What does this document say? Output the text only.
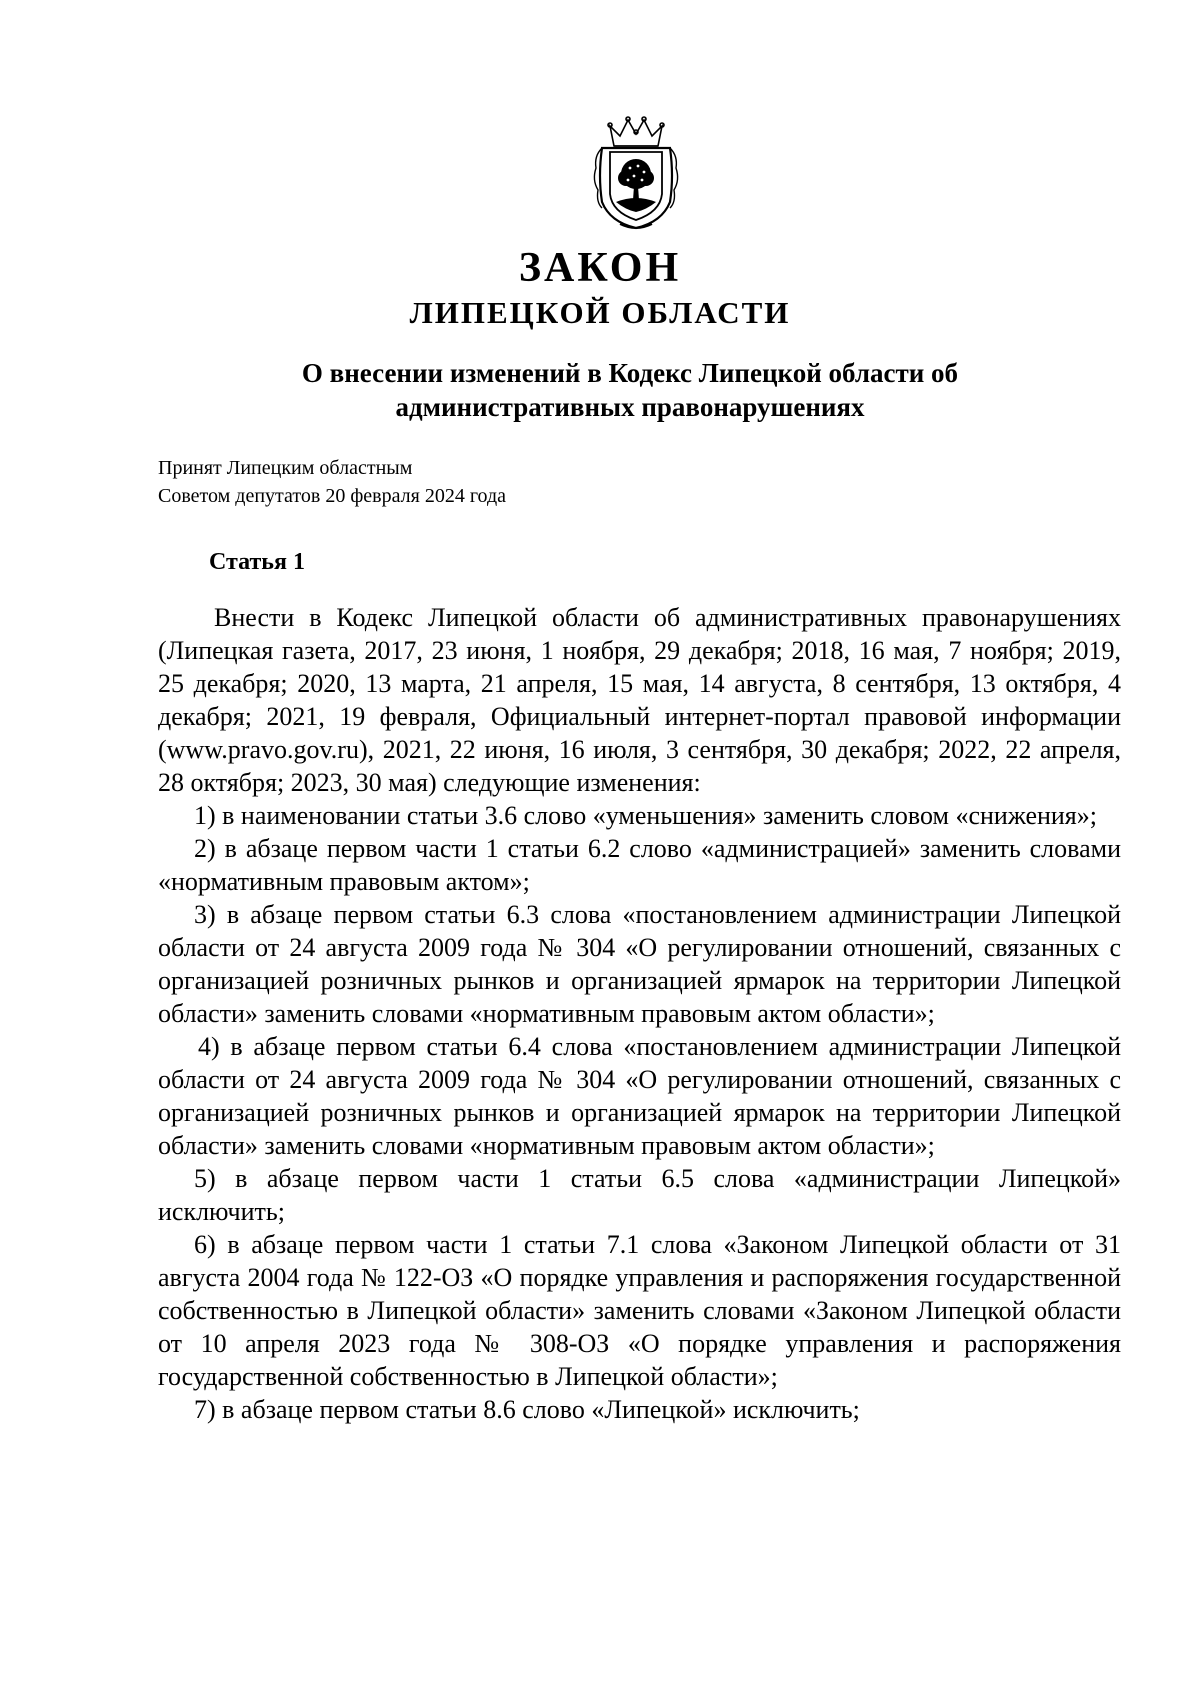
ЗАКОН
ЛИПЕЦКОЙ ОБЛАСТИ
О внесении изменений в Кодекс Липецкой области об
административных правонарушениях
Принят Липецким областным
Советом депутатов 20 февраля 2024 года
Статья 1

Внести в Кодекс Липецкой области об административных правонарушениях (Липецкая газета, 2017, 23 июня, 1 ноября, 29 декабря; 2018, 16 мая, 7 ноября; 2019, 25 декабря; 2020, 13 марта, 21 апреля, 15 мая, 14 августа, 8 сентября, 13 октября, 4 декабря; 2021, 19 февраля, Официальный интернет-портал правовой информации (www.pravo.gov.ru), 2021, 22 июня, 16 июля, 3 сентября, 30 декабря; 2022, 22 апреля, 28 октября; 2023, 30 мая) следующие изменения:

1) в наименовании статьи 3.6 слово «уменьшения» заменить словом «снижения»;

2) в абзаце первом части 1 статьи 6.2 слово «администрацией» заменить словами «нормативным правовым актом»;

3) в абзаце первом статьи 6.3 слова «постановлением администрации Липецкой области от 24 августа 2009 года № 304 «О регулировании отношений, связанных с организацией розничных рынков и организацией ярмарок на территории Липецкой области» заменить словами «нормативным правовым актом области»;

4) в абзаце первом статьи 6.4 слова «постановлением администрации Липецкой области от 24 августа 2009 года № 304 «О регулировании отношений, связанных с организацией розничных рынков и организацией ярмарок на территории Липецкой области» заменить словами «нормативным правовым актом области»;

5) в абзаце первом части 1 статьи 6.5 слова «администрации Липецкой» исключить;

6) в абзаце первом части 1 статьи 7.1 слова «Законом Липецкой области от 31 августа 2004 года № 122-ОЗ «О порядке управления и распоряжения государственной собственностью в Липецкой области» заменить словами «Законом Липецкой области от 10 апреля 2023 года № 308-ОЗ «О порядке управления и распоряжения государственной собственностью в Липецкой области»;

7) в абзаце первом статьи 8.6 слово «Липецкой» исключить;
